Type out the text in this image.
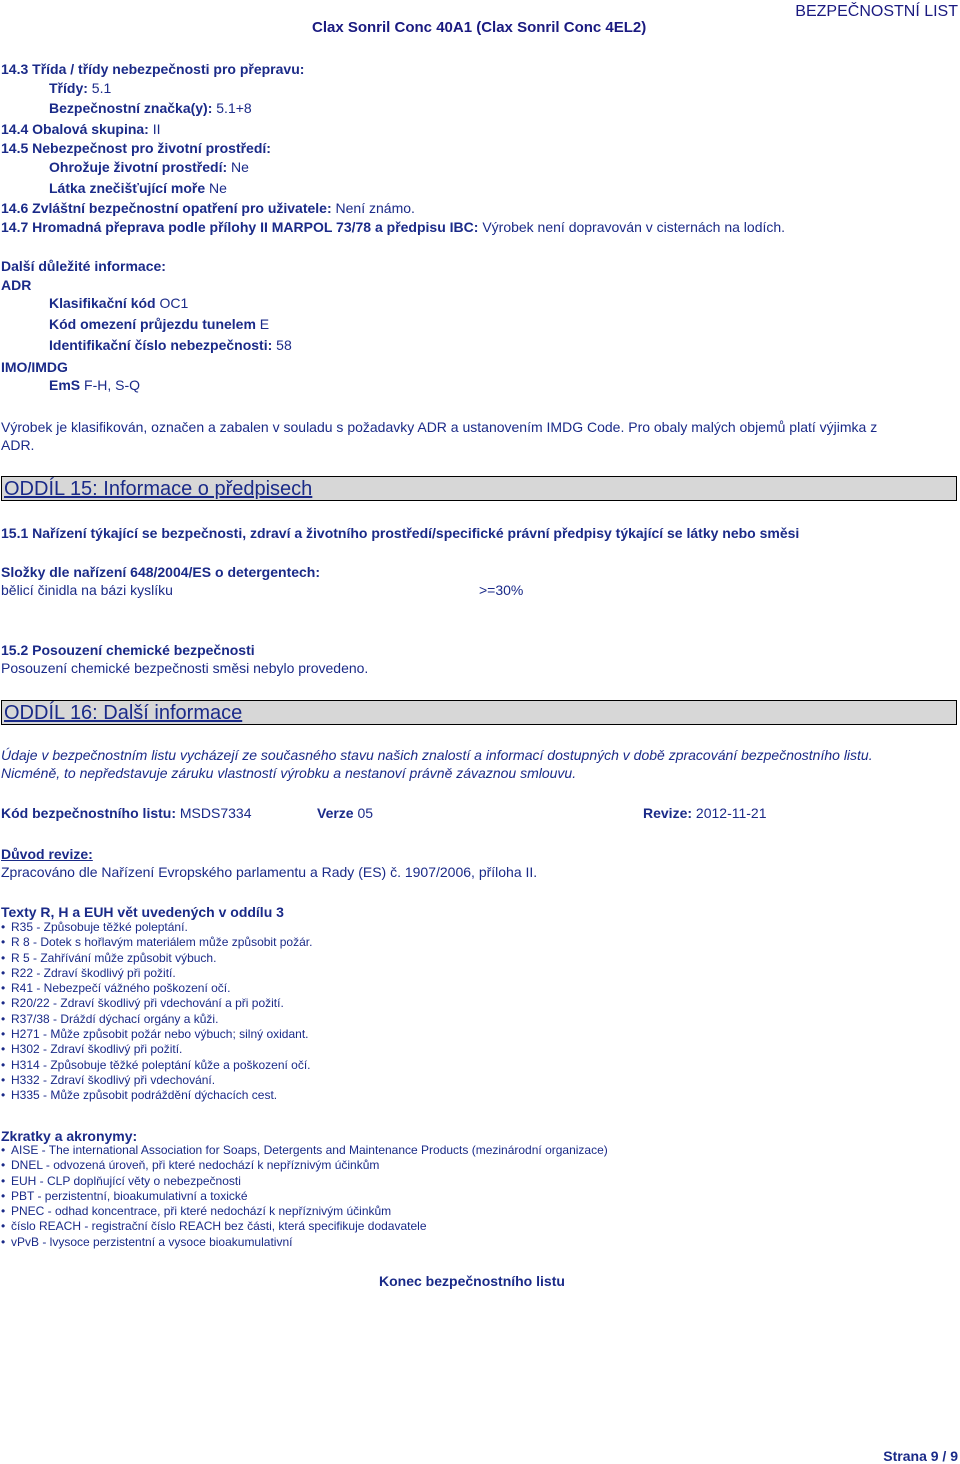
Clax Sonril Conc 40A1 (Clax Sonril Conc 4EL2)
BEZPEČNOSTNÍ LIST
14.3 Třída / třídy nebezpečnosti pro přepravu:
Třídy: 5.1
Bezpečnostní značka(y): 5.1+8
14.4 Obalová skupina: II
14.5 Nebezpečnost pro životní prostředí:
Ohrožuje životní prostředí: Ne
Látka znečišťující moře Ne
14.6 Zvláštní bezpečnostní opatření pro uživatele: Není známo.
14.7 Hromadná přeprava podle přílohy II MARPOL 73/78 a předpisu IBC: Výrobek není dopravován v cisternách na lodích.
Další důležité informace:
ADR
Klasifikační kód OC1
Kód omezení průjezdu tunelem E
Identifikační číslo nebezpečnosti: 58
IMO/IMDG
EmS F-H, S-Q
Výrobek je klasifikován, označen a zabalen v souladu s požadavky ADR a ustanovením IMDG Code. Pro obaly malých objemů platí výjimka z
ADR.
ODDÍL 15: Informace o předpisech
15.1 Nařízení týkající se bezpečnosti, zdraví a životního prostředí/specifické právní předpisy týkající se látky nebo směsi
Složky dle nařízení 648/2004/ES o detergentech:
bělicí činidla na bázi kyslíku	>=30%
15.2 Posouzení chemické bezpečnosti
Posouzení chemické bezpečnosti směsi nebylo provedeno.
ODDÍL 16: Další informace
Údaje v bezpečnostním listu vycházejí ze současného stavu našich znalostí a informací dostupných v době zpracování bezpečnostního listu.
Nicméně, to nepředstavuje záruku vlastností výrobku a nestanoví právně závaznou smlouvu.
Kód bezpečnostního listu: MSDS7334	Verze 05	Revize: 2012-11-21
Důvod revize:
Zpracováno dle Nařízení Evropského parlamentu a Rady (ES) č. 1907/2006, příloha II.
Texty R, H a EUH vět uvedených v oddílu 3
• R35 - Způsobuje těžké poleptání.
• R 8 - Dotek s hořlavým materiálem může způsobit požár.
• R 5 - Zahřívání může způsobit výbuch.
• R22 - Zdraví škodlivý při požití.
• R41 - Nebezpečí vážného poškození očí.
• R20/22 - Zdraví škodlivý při vdechování a při požití.
• R37/38 - Dráždí dýchací orgány a kůži.
• H271 - Může způsobit požár nebo výbuch; silný oxidant.
• H302 - Zdraví škodlivý při požití.
• H314 - Způsobuje těžké poleptání kůže a poškození očí.
• H332 - Zdraví škodlivý při vdechování.
• H335 - Může způsobit podráždění dýchacích cest.
Zkratky a akronymy:
• AISE - The international Association for Soaps, Detergents and Maintenance Products (mezinárodní organizace)
• DNEL - odvozená úroveň, při které nedochází k nepříznivým účinkům
• EUH - CLP doplňující věty o nebezpečnosti
• PBT - perzistentní, bioakumulativní a toxické
• PNEC - odhad koncentrace, při které nedochází k nepříznivým účinkům
• číslo REACH - registrační číslo REACH bez části, která specifikuje dodavatele
• vPvB - lvysoce perzistentní a vysoce bioakumulativní
Konec bezpečnostního listu
Strana 9 / 9
